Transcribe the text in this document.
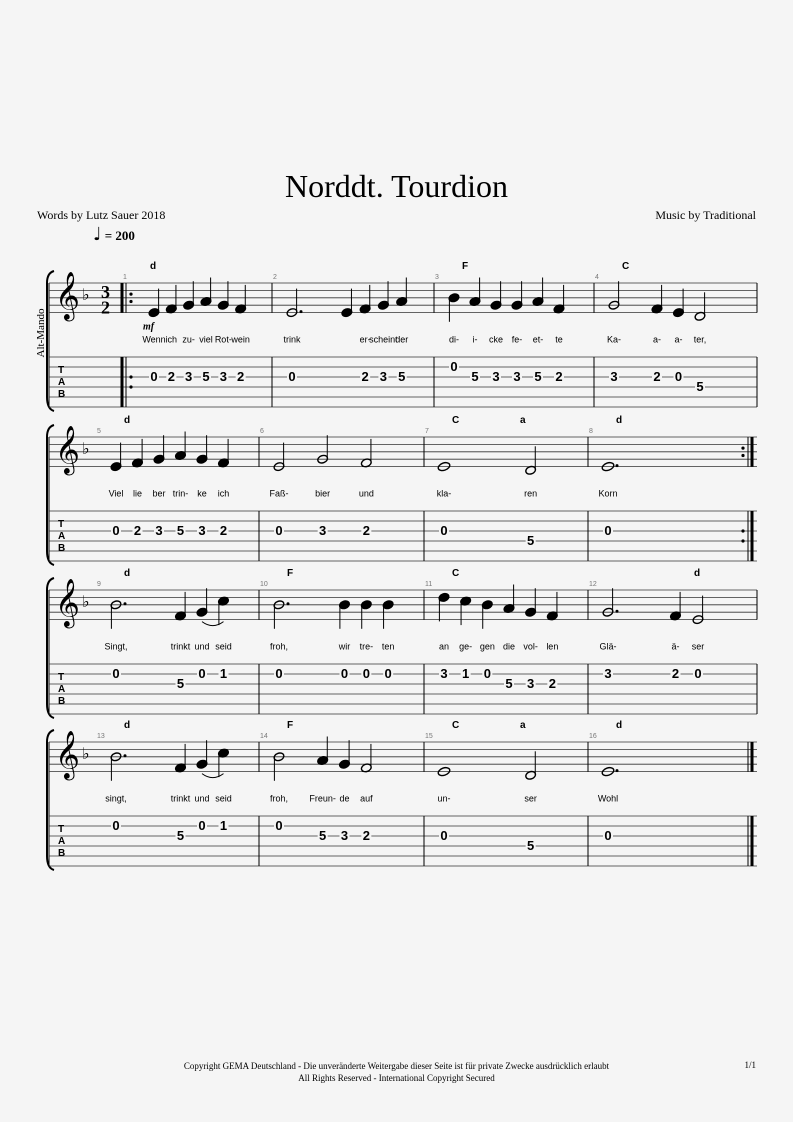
Norddt. Tourdion
Words by Lutz Sauer 2018	Music by Traditional
♩ = 200
𝄞 ♭
T
A
B
Alt-Mando
3
2
mf
1
d
0 2 3 5 3 2
Wenn ich zu- viel Rot- wein
2
0	2 3 5
trink	er-
scheint
der
3
F
0
5 3 3 5 2
di- i- cke fe- et- te
4
C
3	2 0
5
Ka-	a- a- ter,
𝄞 ♭
T
A
B
5
d
0 2 3 5 3 2
Viel lie ber trin- ke ich
6
0	3	2
Faß-	bier	und
7
C	a
0
5
kla-	ren
8
d
0
Korn
𝄞 ♭
T
A
B
9
d
0
5
0 1
Singt,	trinkt und seid
10
F
0	0 0 0
froh,	wir tre- ten
11
C
3 1 0
5 3 2
an ge- gen die vol- len
12
d
3	2 0
Glä-	ä- ser
𝄞 ♭
T
A
B
13
d
0
5
0 1
singt,	trinkt und seid
14
F
0
5 3 2
froh, Freun- de auf
15
C	a
0
5
un-	ser
16
d
0
Wohl
Copyright GEMA Deutschland - Die unveränderte Weitergabe dieser Seite ist für private Zwecke ausdrücklich erlaubt
All Rights Reserved - International Copyright Secured
1/1
